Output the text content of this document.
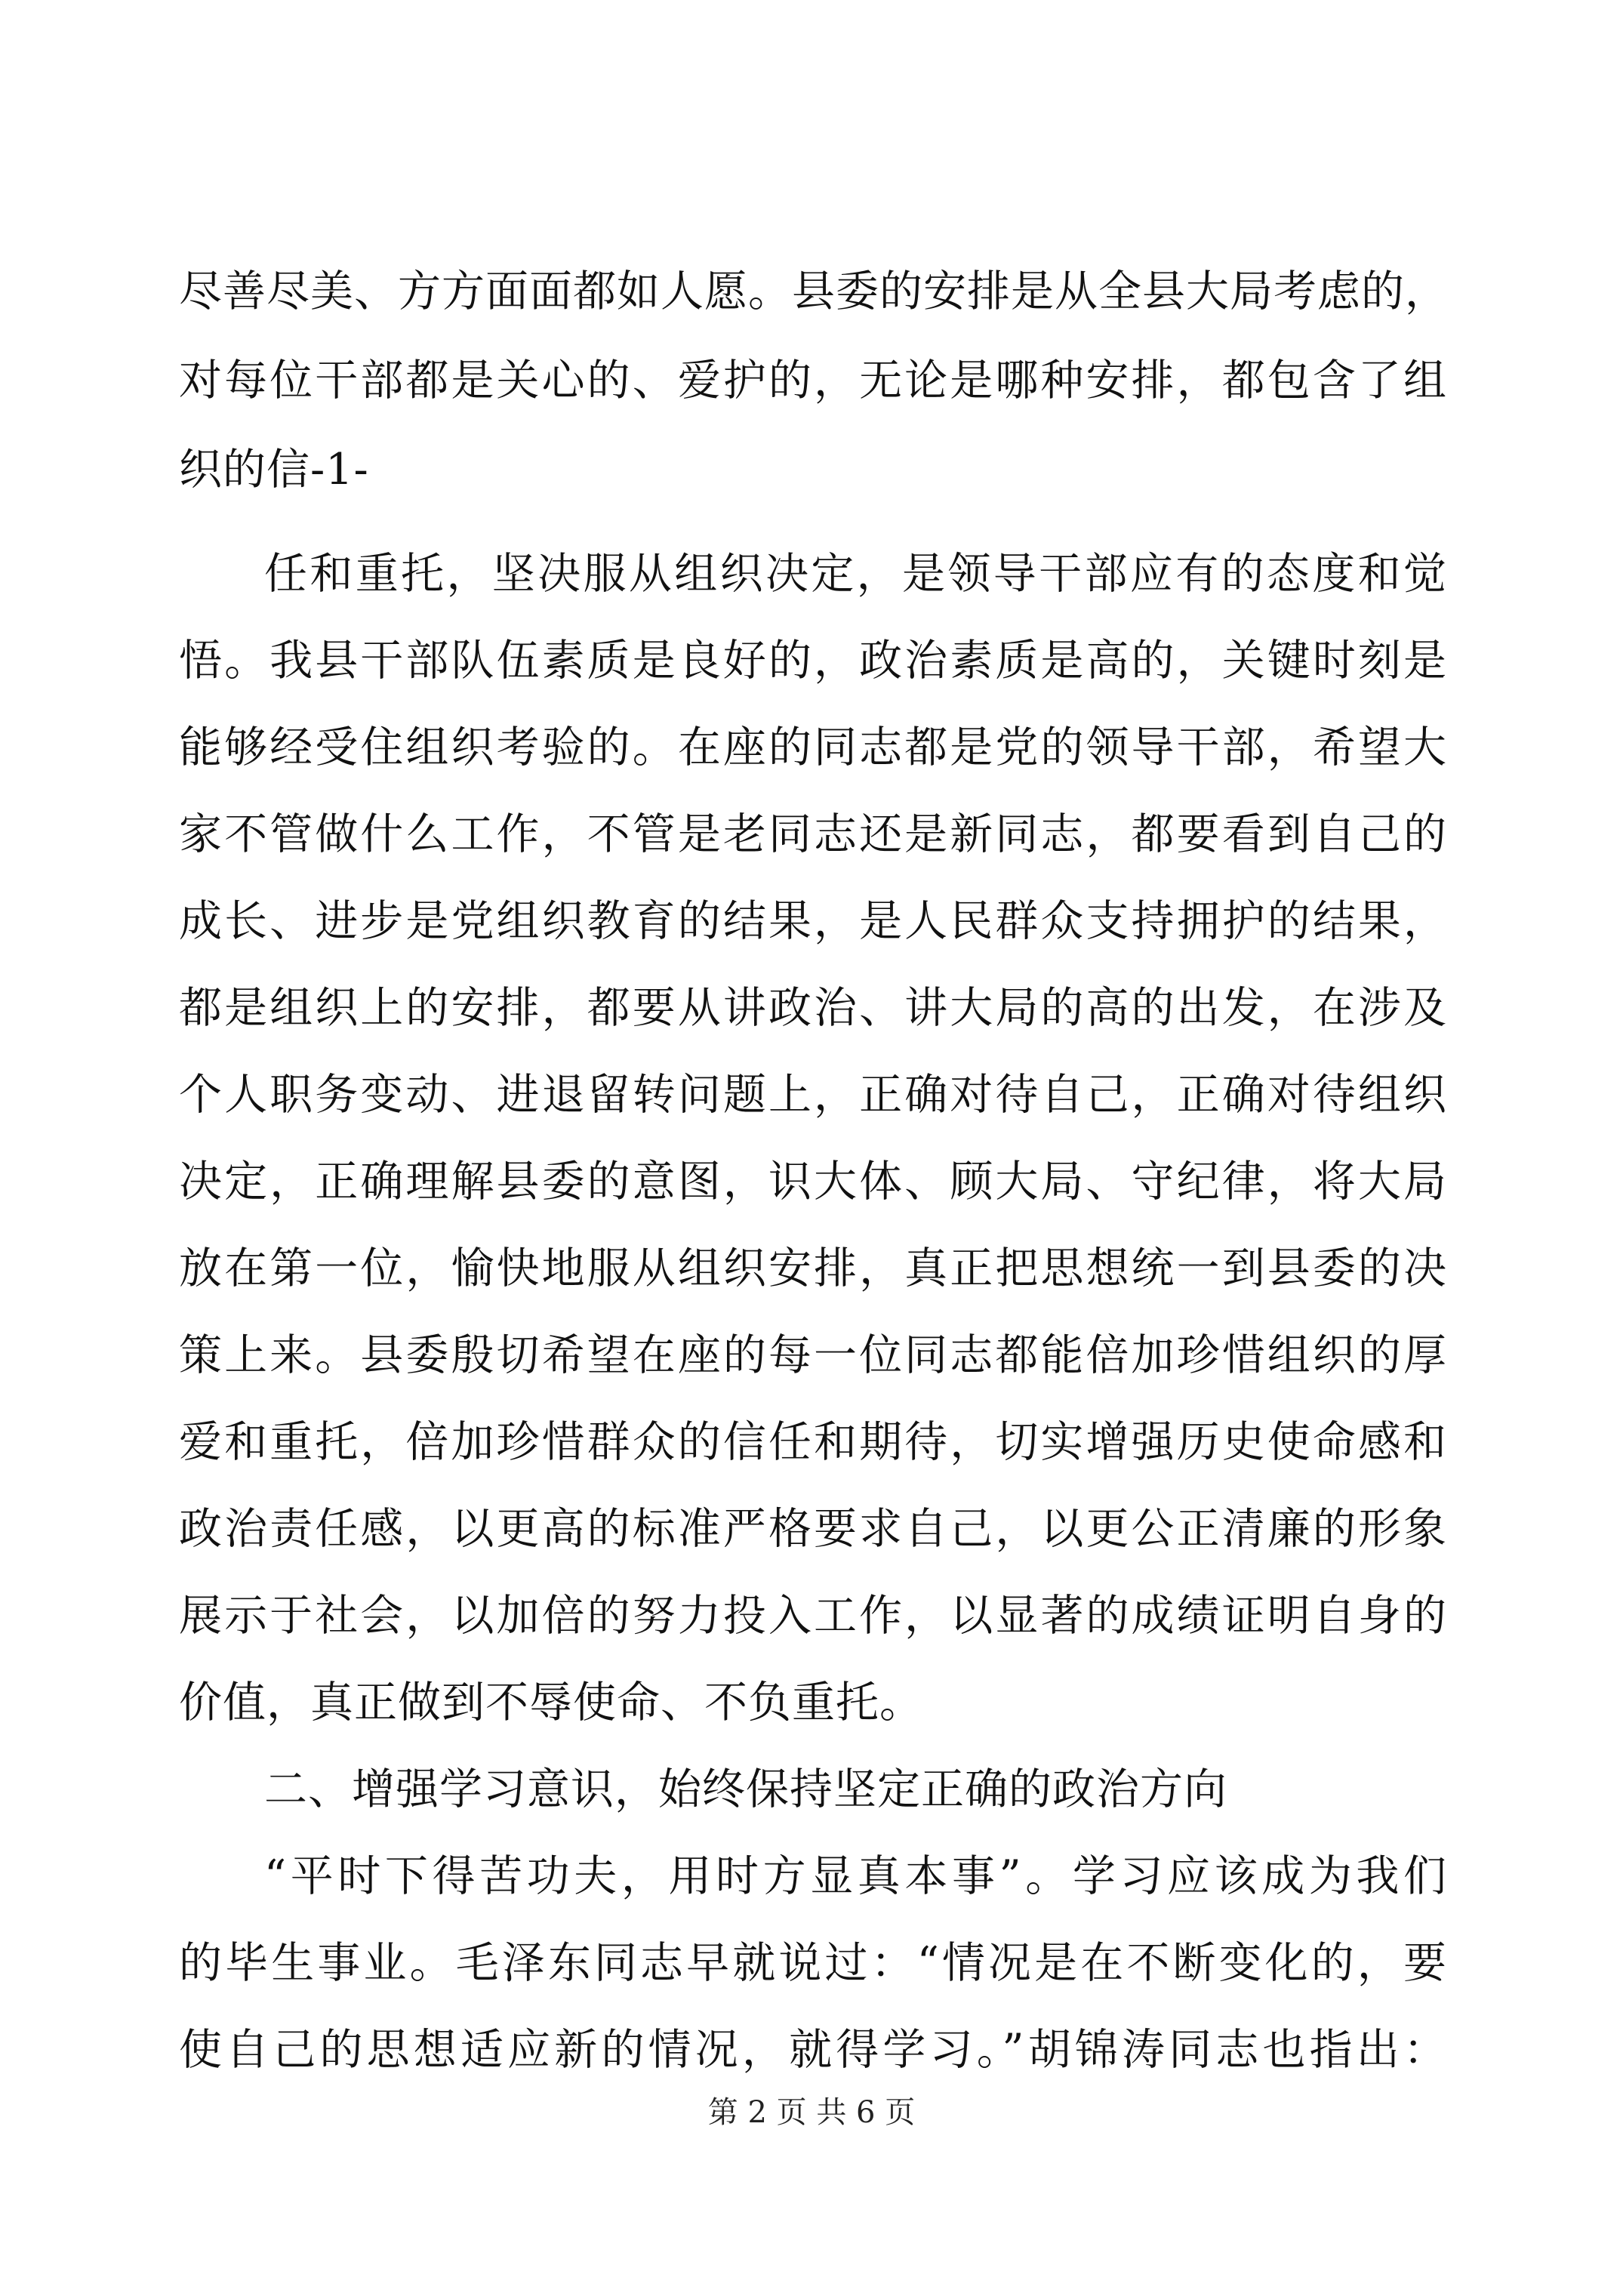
尽善尽美、方方面面都如人愿。县委的安排是从全县大局考虑的，
对每位干部都是关心的、爱护的，无论是哪种安排，都包含了组
织的信-1-
任和重托，坚决服从组织决定，是领导干部应有的态度和觉
悟。我县干部队伍素质是良好的，政治素质是高的，关键时刻是
能够经受住组织考验的。在座的同志都是党的领导干部，希望大
家不管做什么工作，不管是老同志还是新同志，都要看到自己的
成长、进步是党组织教育的结果，是人民群众支持拥护的结果，
都是组织上的安排，都要从讲政治、讲大局的高的出发，在涉及
个人职务变动、进退留转问题上，正确对待自己，正确对待组织
决定，正确理解县委的意图，识大体、顾大局、守纪律，将大局
放在第一位，愉快地服从组织安排，真正把思想统一到县委的决
策上来。县委殷切希望在座的每一位同志都能倍加珍惜组织的厚
爱和重托，倍加珍惜群众的信任和期待，切实增强历史使命感和
政治责任感，以更高的标准严格要求自己，以更公正清廉的形象
展示于社会，以加倍的努力投入工作，以显著的成绩证明自身的
价值，真正做到不辱使命、不负重托。
二、增强学习意识，始终保持坚定正确的政治方向
“平时下得苦功夫，用时方显真本事”。学习应该成为我们
的毕生事业。毛泽东同志早就说过：“情况是在不断变化的，要
使自己的思想适应新的情况，就得学习。”胡锦涛同志也指出：
第 2 页 共 6 页
